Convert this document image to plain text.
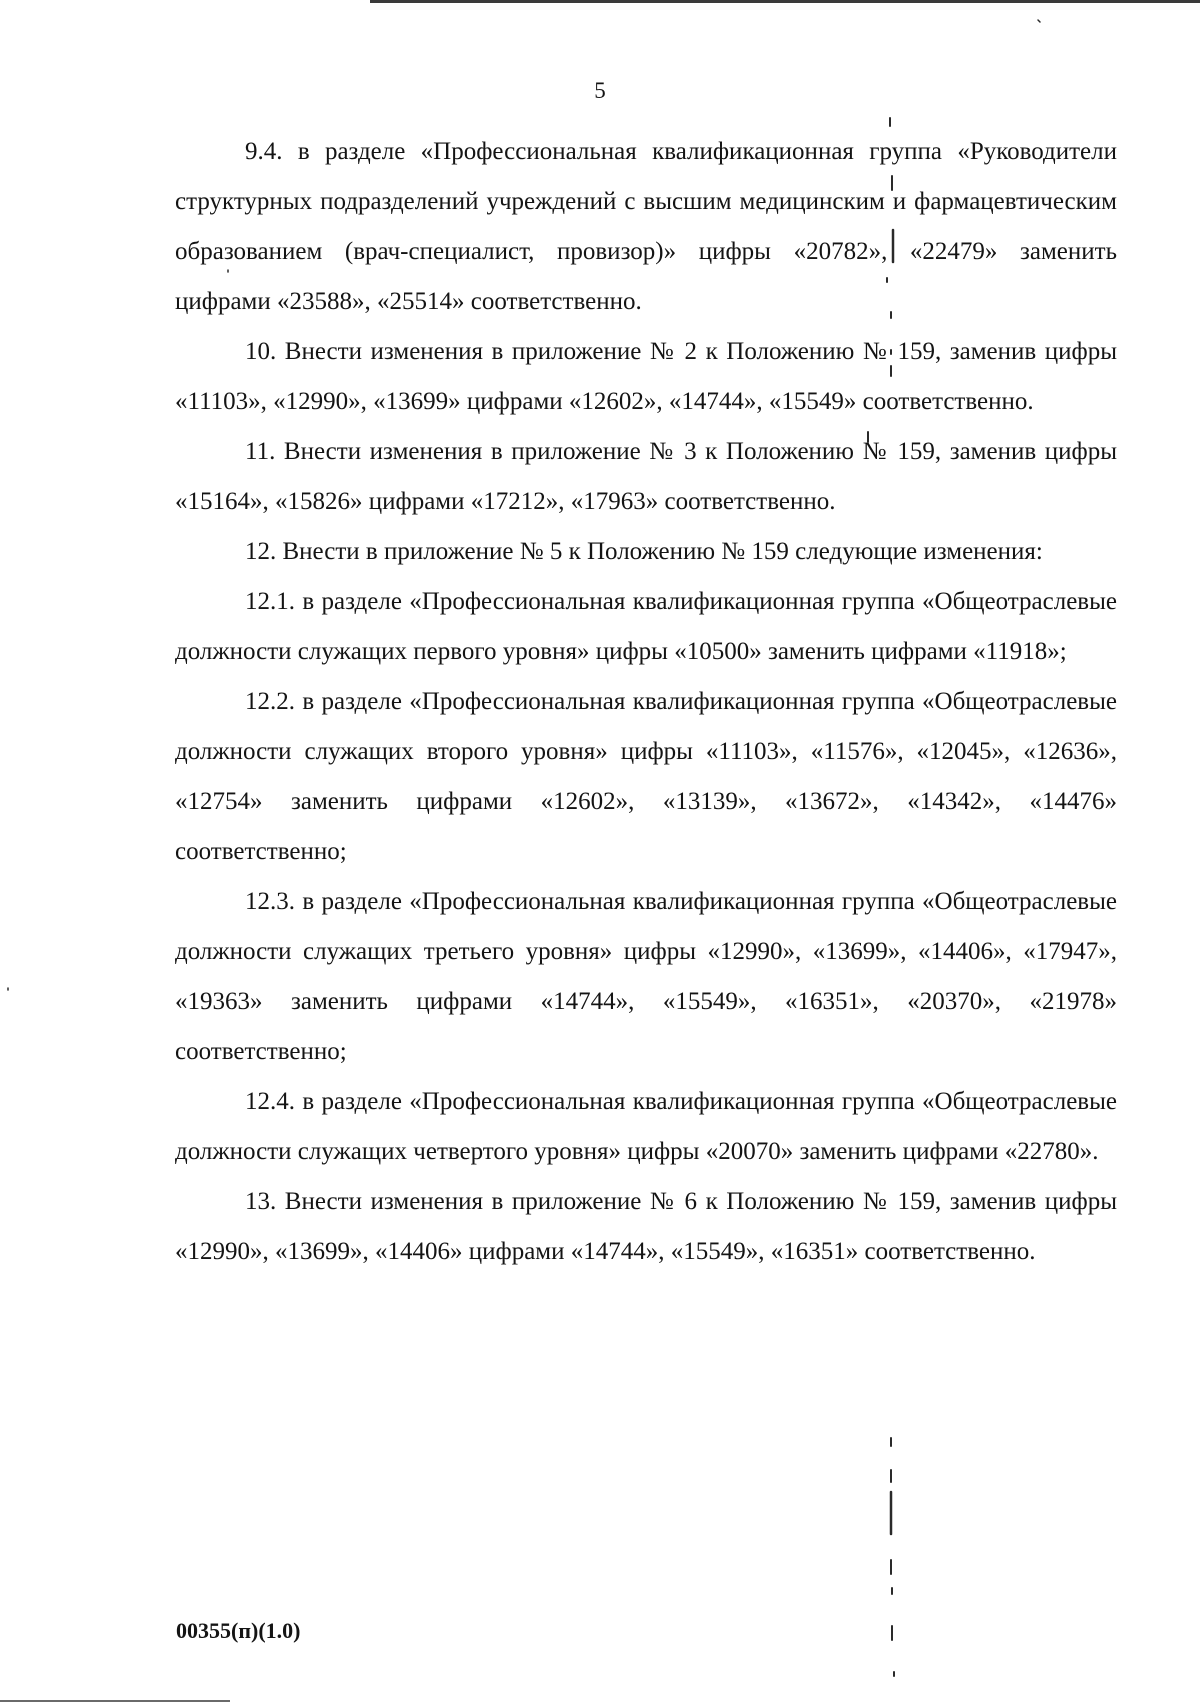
5

9.4. в разделе «Профессиональная квалификационная группа «Руководители структурных подразделений учреждений с высшим медицинским и фармацевтическим образованием (врач-специалист, провизор)» цифры «20782», «22479» заменить цифрами «23588», «25514» соответственно.

10. Внести изменения в приложение № 2 к Положению № 159, заменив цифры «11103», «12990», «13699» цифрами «12602», «14744», «15549» соответственно.

11. Внести изменения в приложение № 3 к Положению № 159, заменив цифры «15164», «15826» цифрами «17212», «17963» соответственно.

12. Внести в приложение № 5 к Положению № 159 следующие изменения:

12.1. в разделе «Профессиональная квалификационная группа «Общеотраслевые должности служащих первого уровня» цифры «10500» заменить цифрами «11918»;

12.2. в разделе «Профессиональная квалификационная группа «Общеотраслевые должности служащих второго уровня» цифры «11103», «11576», «12045», «12636», «12754» заменить цифрами «12602», «13139», «13672», «14342», «14476» соответственно;

12.3. в разделе «Профессиональная квалификационная группа «Общеотраслевые должности служащих третьего уровня» цифры «12990», «13699», «14406», «17947», «19363» заменить цифрами «14744», «15549», «16351», «20370», «21978» соответственно;

12.4. в разделе «Профессиональная квалификационная группа «Общеотраслевые должности служащих четвертого уровня» цифры «20070» заменить цифрами «22780».

13. Внести изменения в приложение № 6 к Положению № 159, заменив цифры «12990», «13699», «14406» цифрами «14744», «15549», «16351» соответственно.

00355(п)(1.0)
